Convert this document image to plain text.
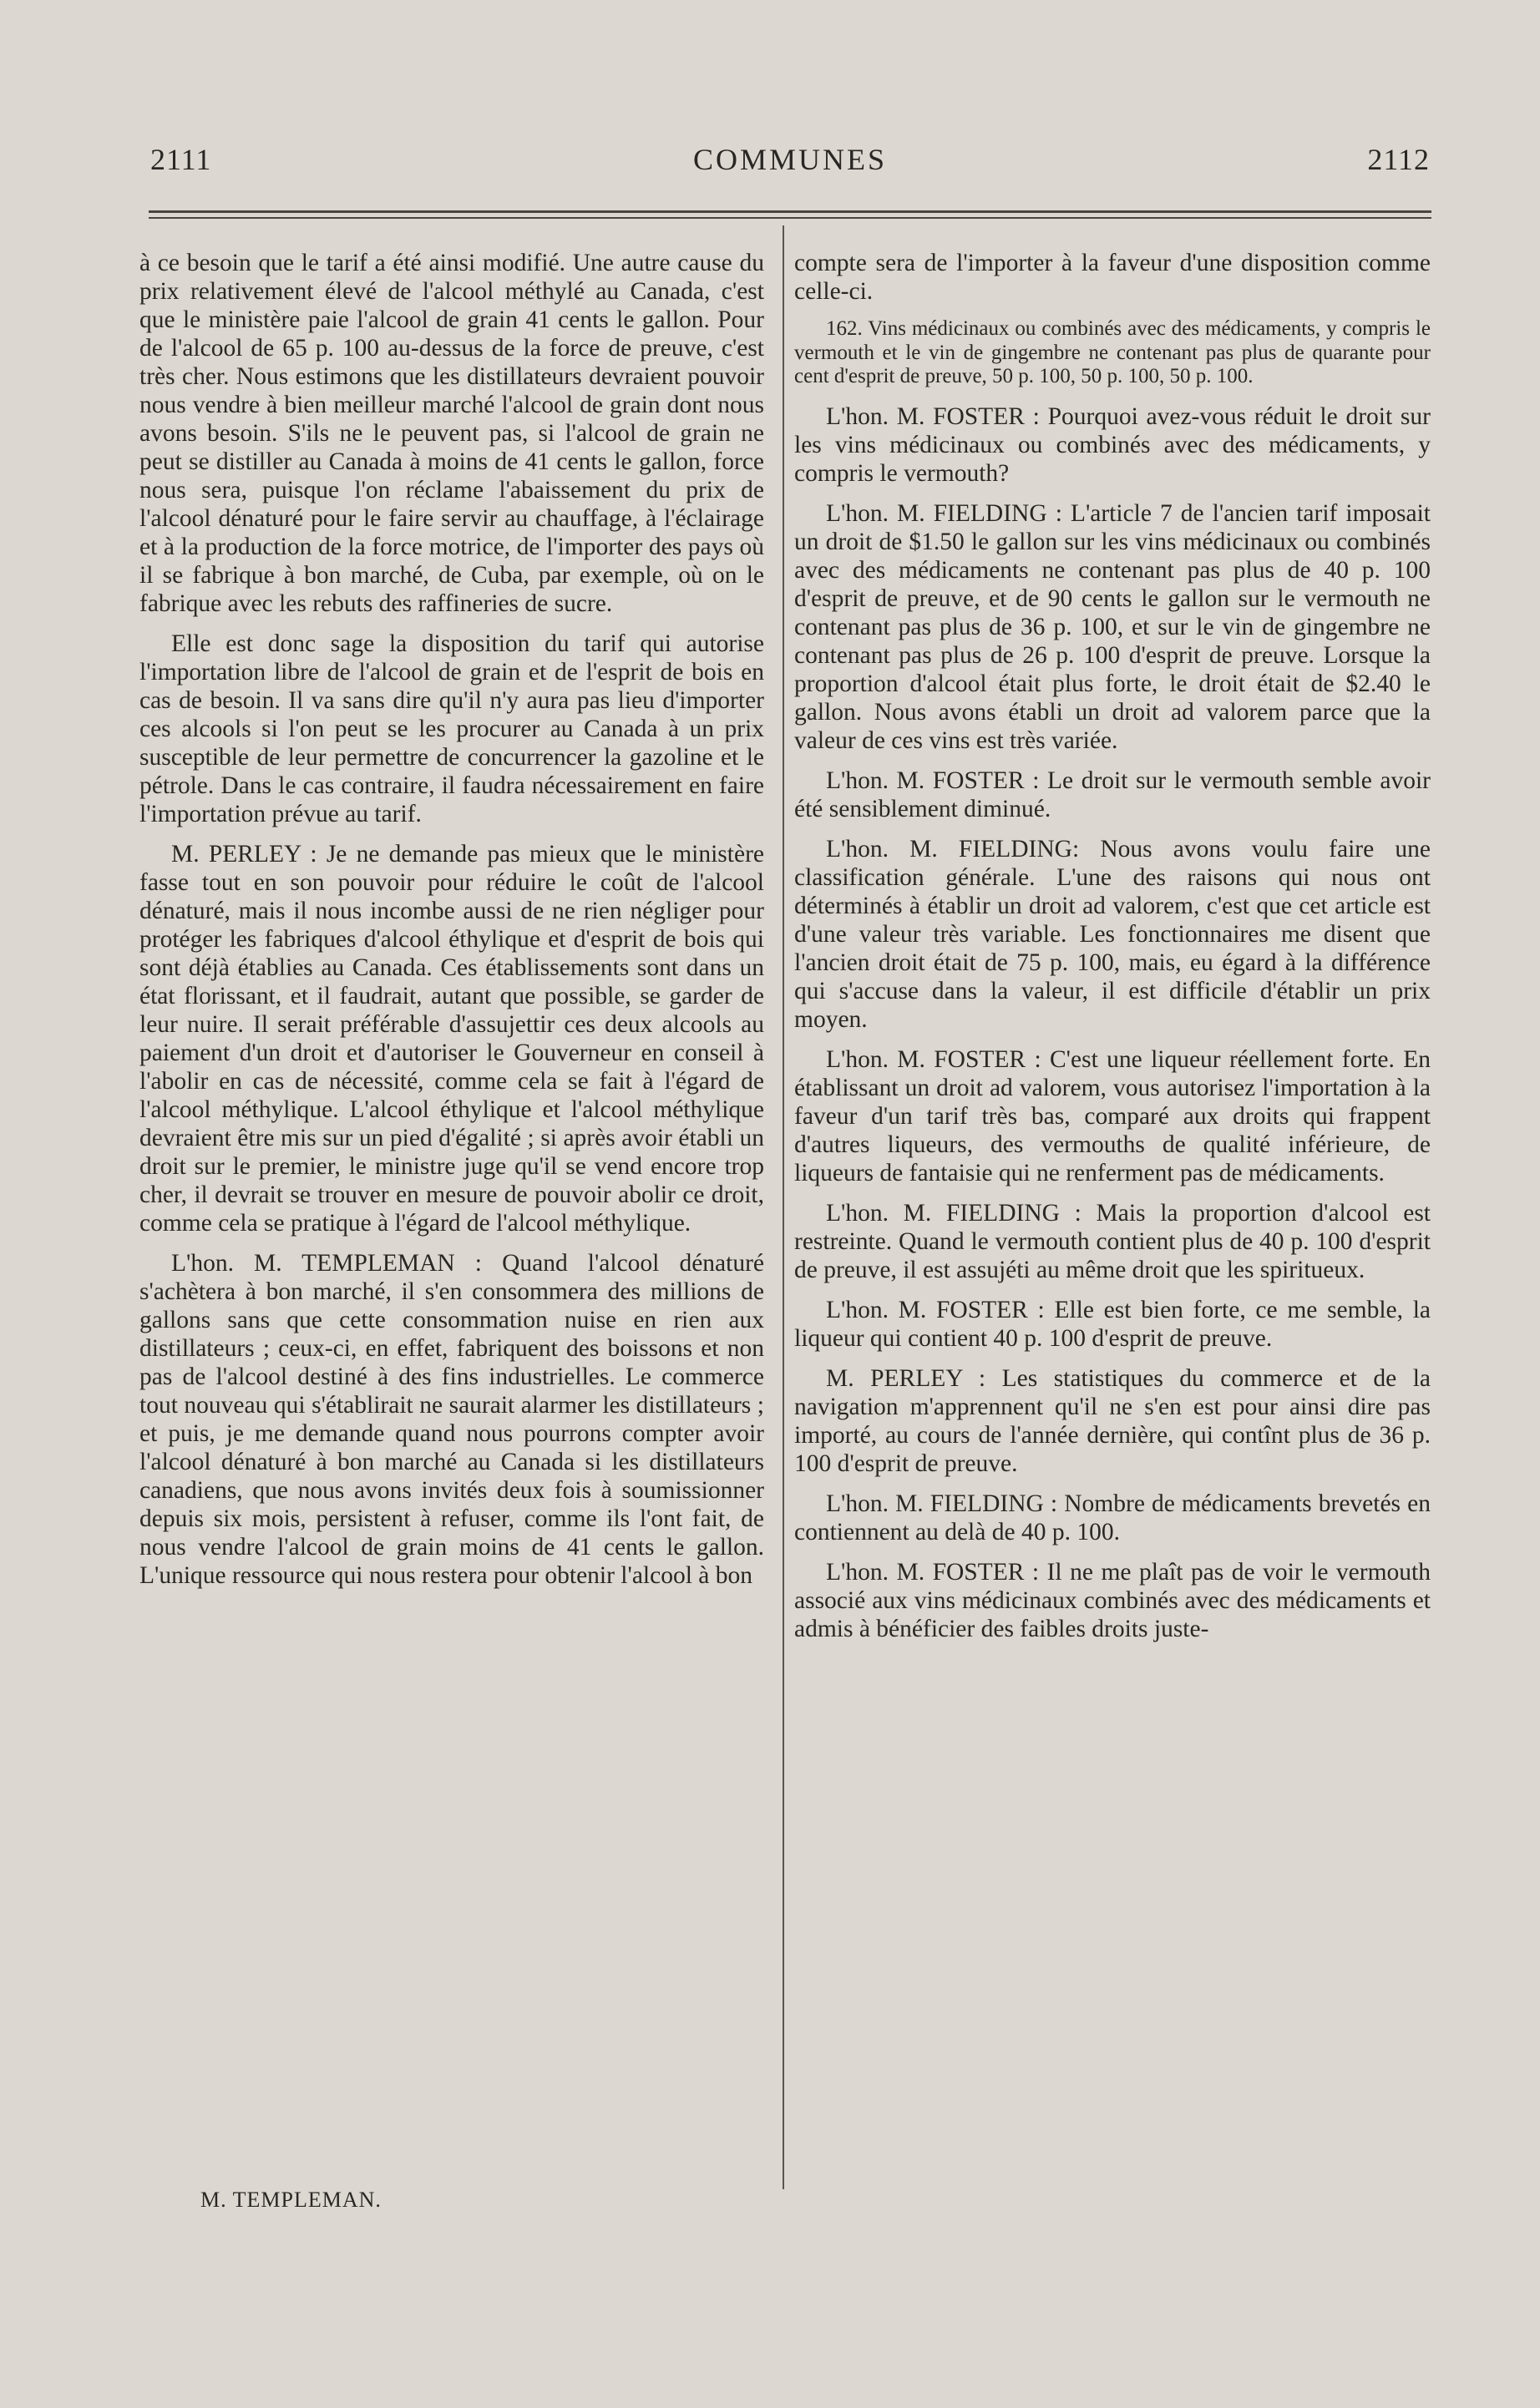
2111	COMMUNES	2112

à ce besoin que le tarif a été ainsi modifié. Une autre cause du prix relativement élevé de l'alcool méthylé au Canada, c'est que le ministère paie l'alcool de grain 41 cents le gallon. Pour de l'alcool de 65 p. 100 au-dessus de la force de preuve, c'est très cher. Nous estimons que les distillateurs devraient pouvoir nous vendre à bien meilleur marché l'alcool de grain dont nous avons besoin. S'ils ne le peuvent pas, si l'alcool de grain ne peut se distiller au Canada à moins de 41 cents le gallon, force nous sera, puisque l'on réclame l'abaissement du prix de l'alcool dénaturé pour le faire servir au chauffage, à l'éclairage et à la production de la force motrice, de l'importer des pays où il se fabrique à bon marché, de Cuba, par exemple, où on le fabrique avec les rebuts des raffineries de sucre.

Elle est donc sage la disposition du tarif qui autorise l'importation libre de l'alcool de grain et de l'esprit de bois en cas de besoin. Il va sans dire qu'il n'y aura pas lieu d'importer ces alcools si l'on peut se les procurer au Canada à un prix susceptible de leur permettre de concurrencer la gazoline et le pétrole. Dans le cas contraire, il faudra nécessairement en faire l'importation prévue au tarif.

M. PERLEY : Je ne demande pas mieux que le ministère fasse tout en son pouvoir pour réduire le coût de l'alcool dénaturé, mais il nous incombe aussi de ne rien négliger pour protéger les fabriques d'alcool éthylique et d'esprit de bois qui sont déjà établies au Canada. Ces établissements sont dans un état florissant, et il faudrait, autant que possible, se garder de leur nuire. Il serait préférable d'assujettir ces deux alcools au paiement d'un droit et d'autoriser le Gouverneur en conseil à l'abolir en cas de nécessité, comme cela se fait à l'égard de l'alcool méthylique. L'alcool éthylique et l'alcool méthylique devraient être mis sur un pied d'égalité ; si après avoir établi un droit sur le premier, le ministre juge qu'il se vend encore trop cher, il devrait se trouver en mesure de pouvoir abolir ce droit, comme cela se pratique à l'égard de l'alcool méthylique.

L'hon. M. TEMPLEMAN : Quand l'alcool dénaturé s'achètera à bon marché, il s'en consommera des millions de gallons sans que cette consommation nuise en rien aux distillateurs ; ceux-ci, en effet, fabriquent des boissons et non pas de l'alcool destiné à des fins industrielles. Le commerce tout nouveau qui s'établirait ne saurait alarmer les distillateurs ; et puis, je me demande quand nous pourrons compter avoir l'alcool dénaturé à bon marché au Canada si les distillateurs canadiens, que nous avons invités deux fois à soumissionner depuis six mois, persistent à refuser, comme ils l'ont fait, de nous vendre l'alcool de grain moins de 41 cents le gallon. L'unique ressource qui nous restera pour obtenir l'alcool à bon

compte sera de l'importer à la faveur d'une disposition comme celle-ci.

162. Vins médicinaux ou combinés avec des médicaments, y compris le vermouth et le vin de gingembre ne contenant pas plus de quarante pour cent d'esprit de preuve, 50 p. 100, 50 p. 100, 50 p. 100.

L'hon. M. FOSTER : Pourquoi avez-vous réduit le droit sur les vins médicinaux ou combinés avec des médicaments, y compris le vermouth?

L'hon. M. FIELDING : L'article 7 de l'ancien tarif imposait un droit de $1.50 le gallon sur les vins médicinaux ou combinés avec des médicaments ne contenant pas plus de 40 p. 100 d'esprit de preuve, et de 90 cents le gallon sur le vermouth ne contenant pas plus de 36 p. 100, et sur le vin de gingembre ne contenant pas plus de 26 p. 100 d'esprit de preuve. Lorsque la proportion d'alcool était plus forte, le droit était de $2.40 le gallon. Nous avons établi un droit ad valorem parce que la valeur de ces vins est très variée.

L'hon. M. FOSTER : Le droit sur le vermouth semble avoir été sensiblement diminué.

L'hon. M. FIELDING: Nous avons voulu faire une classification générale. L'une des raisons qui nous ont déterminés à établir un droit ad valorem, c'est que cet article est d'une valeur très variable. Les fonctionnaires me disent que l'ancien droit était de 75 p. 100, mais, eu égard à la différence qui s'accuse dans la valeur, il est difficile d'établir un prix moyen.

L'hon. M. FOSTER : C'est une liqueur réellement forte. En établissant un droit ad valorem, vous autorisez l'importation à la faveur d'un tarif très bas, comparé aux droits qui frappent d'autres liqueurs, des vermouths de qualité inférieure, de liqueurs de fantaisie qui ne renferment pas de médicaments.

L'hon. M. FIELDING : Mais la proportion d'alcool est restreinte. Quand le vermouth contient plus de 40 p. 100 d'esprit de preuve, il est assujéti au même droit que les spiritueux.

L'hon. M. FOSTER : Elle est bien forte, ce me semble, la liqueur qui contient 40 p. 100 d'esprit de preuve.

M. PERLEY : Les statistiques du commerce et de la navigation m'apprennent qu'il ne s'en est pour ainsi dire pas importé, au cours de l'année dernière, qui contînt plus de 36 p. 100 d'esprit de preuve.

L'hon. M. FIELDING : Nombre de médicaments brevetés en contiennent au delà de 40 p. 100.

L'hon. M. FOSTER : Il ne me plaît pas de voir le vermouth associé aux vins médicinaux combinés avec des médicaments et admis à bénéficier des faibles droits juste-

M. TEMPLEMAN.
